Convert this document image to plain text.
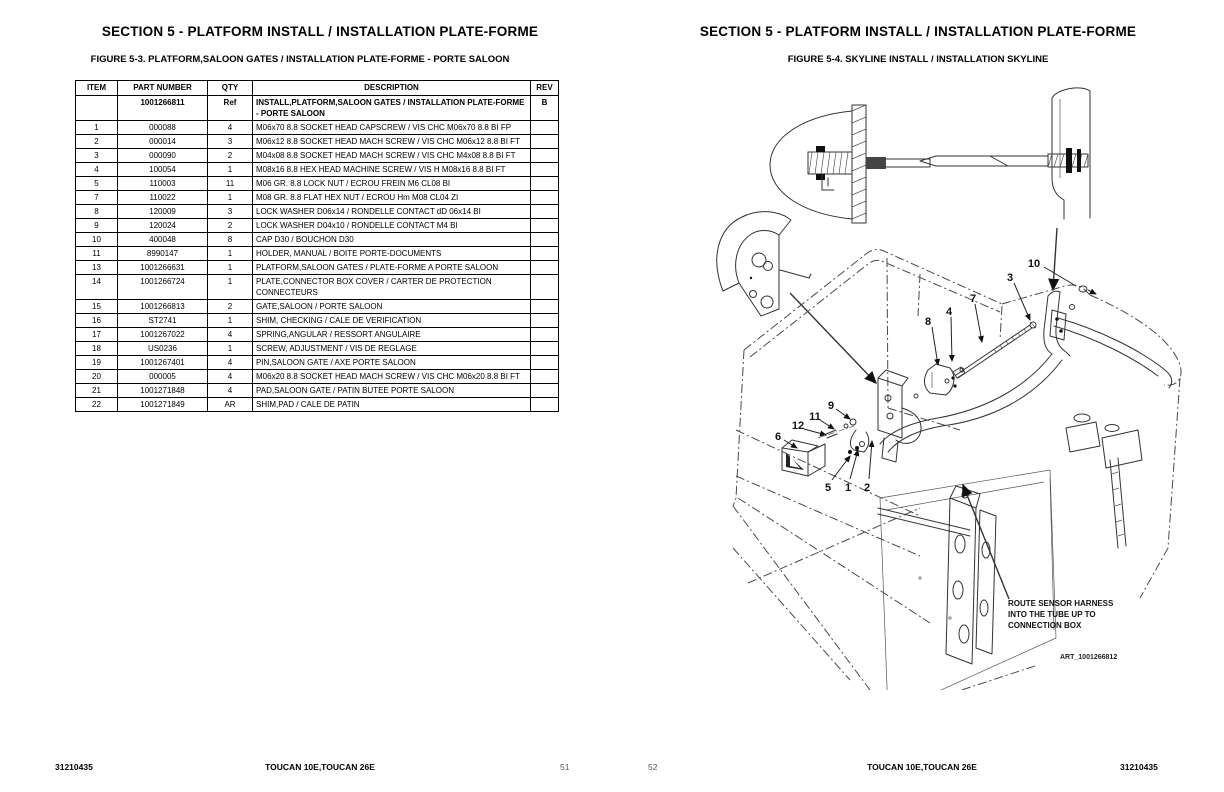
SECTION 5 - PLATFORM INSTALL / INSTALLATION PLATE-FORME
FIGURE 5-3. PLATFORM,SALOON GATES / INSTALLATION PLATE-FORME - PORTE SALOON
ITEM	PART NUMBER	QTY	DESCRIPTION	REV
	1001266811	Ref	INSTALL,PLATFORM,SALOON GATES / INSTALLATION PLATE-FORME - PORTE SALOON	B
1	000088	4	M06x70 8.8 SOCKET HEAD CAPSCREW / VIS CHC M06x70 8.8 BI FP	
2	000014	3	M06x12 8.8 SOCKET HEAD MACH SCREW / VIS CHC M06x12 8.8 BI FT	
3	000090	2	M04x08 8.8 SOCKET HEAD MACH SCREW / VIS CHC M4x08 8.8 BI FT	
4	100054	1	M08x16 8.8 HEX HEAD MACHINE SCREW / VIS H M08x16 8.8 BI FT	
5	110003	11	M06 GR. 8.8 LOCK NUT / ECROU FREIN M6 CL08 BI	
7	110022	1	M08 GR. 8.8 FLAT HEX NUT / ECROU Hm M08 CL04 ZI	
8	120009	3	LOCK WASHER D06x14 / RONDELLE CONTACT dD 06x14 BI	
9	120024	2	LOCK WASHER D04x10 / RONDELLE CONTACT M4 BI	
10	400048	8	CAP D30 / BOUCHON D30	
11	8990147	1	HOLDER, MANUAL / BOITE PORTE-DOCUMENTS	
13	1001266631	1	PLATFORM,SALOON GATES / PLATE-FORME A PORTE SALOON	
14	1001266724	1	PLATE,CONNECTOR BOX COVER / CARTER DE PROTECTION CONNECTEURS	
15	1001266813	2	GATE,SALOON / PORTE SALOON	
16	ST2741	1	SHIM, CHECKING / CALE DE VERIFICATION	
17	1001267022	4	SPRING,ANGULAR / RESSORT ANGULAIRE	
18	US0236	1	SCREW, ADJUSTMENT / VIS DE REGLAGE	
19	1001267401	4	PIN,SALOON GATE / AXE PORTE SALOON	
20	000005	4	M06x20 8.8 SOCKET HEAD MACH SCREW / VIS CHC M06x20 8.8 BI FT	
21	1001271848	4	PAD,SALOON GATE / PATIN BUTEE PORTE SALOON	
22	1001271849	AR	SHIM,PAD / CALE DE PATIN	
31210435	TOUCAN 10E,TOUCAN 26E	51
SECTION 5 - PLATFORM INSTALL / INSTALLATION PLATE-FORME
FIGURE 5-4. SKYLINE INSTALL / INSTALLATION SKYLINE
1 2
3
4
5
6
7
8
9
10
11
12
ROUTE SENSOR HARNESS
INTO THE TUBE UP TO
CONNECTION BOX
ART_1001266812
52	TOUCAN 10E,TOUCAN 26E	31210435
